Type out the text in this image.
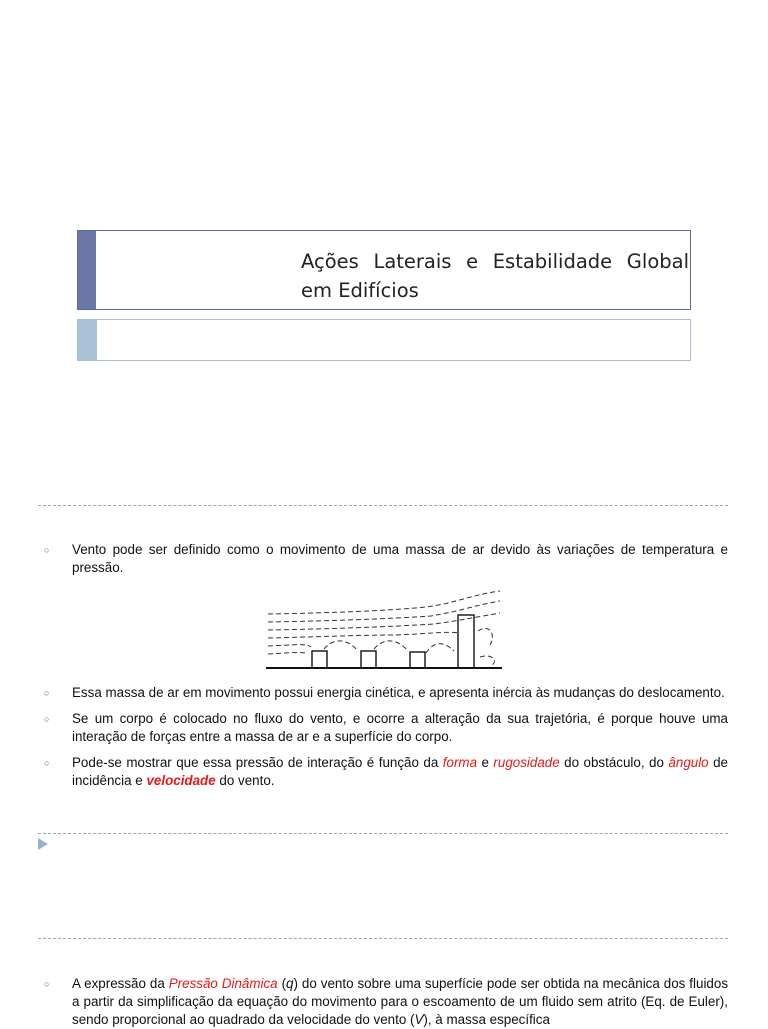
Ações Laterais e Estabilidade Global em Edifícios
○ Vento pode ser definido como o movimento de uma massa de ar devido às variações de temperatura e pressão.
○ Essa massa de ar em movimento possui energia cinética, e apresenta inércia às mudanças do deslocamento.
○ Se um corpo é colocado no fluxo do vento, e ocorre a alteração da sua trajetória, é porque houve uma interação de forças entre a massa de ar e a superfície do corpo.
○ Pode-se mostrar que essa pressão de interação é função da forma e rugosidade do obstáculo, do ângulo de incidência e velocidade do vento.
○ A expressão da Pressão Dinâmica (q) do vento sobre uma superfície pode ser obtida na mecânica dos fluidos a partir da simplificação da equação do movimento para o escoamento de um fluido sem atrito (Eq. de Euler), sendo proporcional ao quadrado da velocidade do vento (V), à massa específica
